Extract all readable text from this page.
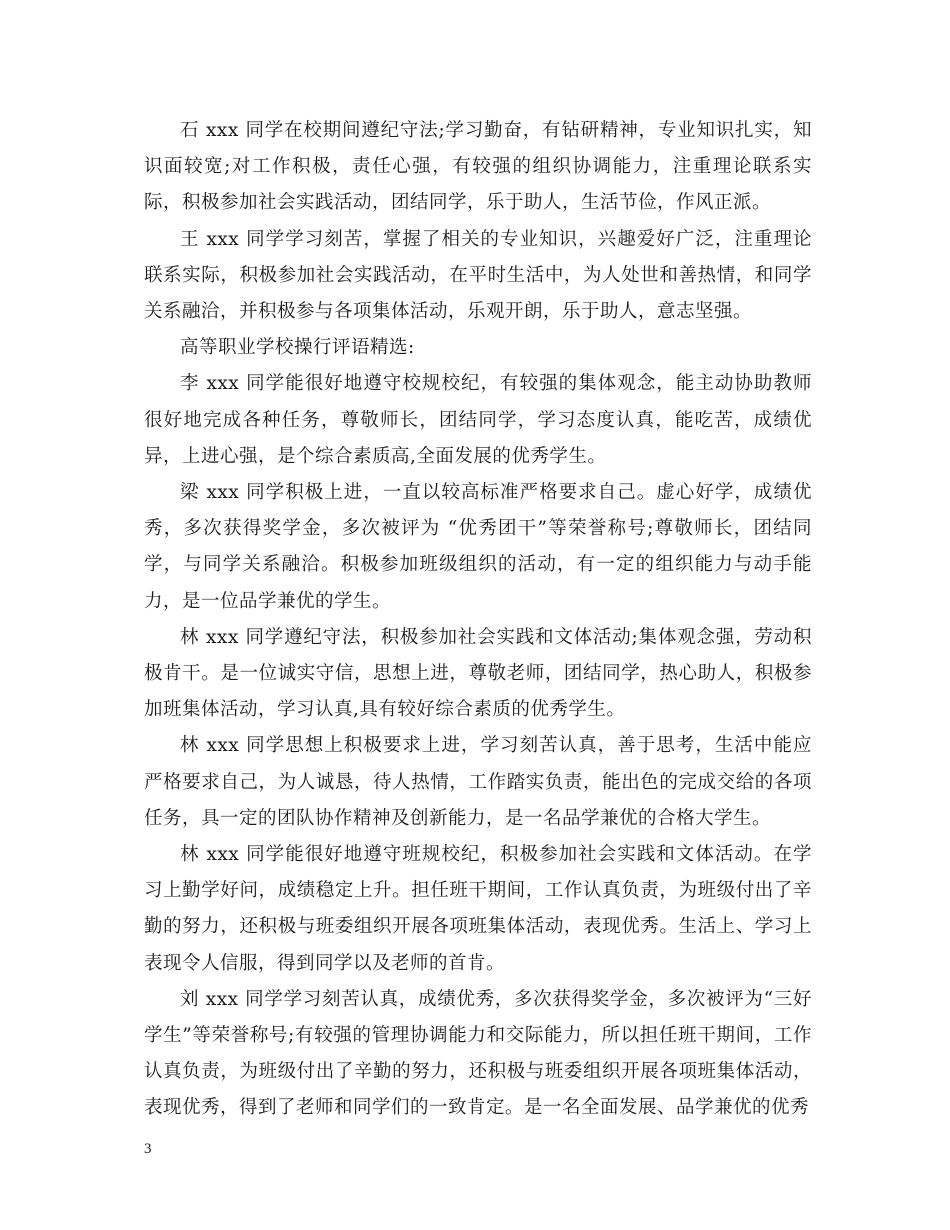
石 xxx 同学在校期间遵纪守法;学习勤奋，有钻研精神，专业知识扎实，知识面较宽;对工作积极，责任心强，有较强的组织协调能力，注重理论联系实际，积极参加社会实践活动，团结同学，乐于助人，生活节俭，作风正派。

王 xxx 同学学习刻苦，掌握了相关的专业知识，兴趣爱好广泛，注重理论联系实际，积极参加社会实践活动，在平时生活中，为人处世和善热情，和同学关系融洽，并积极参与各项集体活动，乐观开朗，乐于助人，意志坚强。

高等职业学校操行评语精选:

李 xxx 同学能很好地遵守校规校纪，有较强的集体观念，能主动协助教师很好地完成各种任务，尊敬师长，团结同学，学习态度认真，能吃苦，成绩优异，上进心强，是个综合素质高,全面发展的优秀学生。

梁 xxx 同学积极上进，一直以较高标准严格要求自己。虚心好学，成绩优秀，多次获得奖学金，多次被评为 “优秀团干”等荣誉称号;尊敬师长，团结同学，与同学关系融洽。积极参加班级组织的活动，有一定的组织能力与动手能力，是一位品学兼优的学生。

林 xxx 同学遵纪守法，积极参加社会实践和文体活动;集体观念强，劳动积极肯干。是一位诚实守信，思想上进，尊敬老师，团结同学，热心助人，积极参加班集体活动，学习认真,具有较好综合素质的优秀学生。

林 xxx 同学思想上积极要求上进，学习刻苦认真，善于思考，生活中能应严格要求自己，为人诚恳，待人热情，工作踏实负责，能出色的完成交给的各项任务，具一定的团队协作精神及创新能力，是一名品学兼优的合格大学生。

林 xxx 同学能很好地遵守班规校纪，积极参加社会实践和文体活动。在学习上勤学好问，成绩稳定上升。担任班干期间，工作认真负责，为班级付出了辛勤的努力，还积极与班委组织开展各项班集体活动，表现优秀。生活上、学习上表现令人信服，得到同学以及老师的首肯。

刘 xxx 同学学习刻苦认真，成绩优秀，多次获得奖学金，多次被评为“三好学生”等荣誉称号;有较强的管理协调能力和交际能力，所以担任班干期间，工作认真负责，为班级付出了辛勤的努力，还积极与班委组织开展各项班集体活动，表现优秀，得到了老师和同学们的一致肯定。是一名全面发展、品学兼优的优秀

3
